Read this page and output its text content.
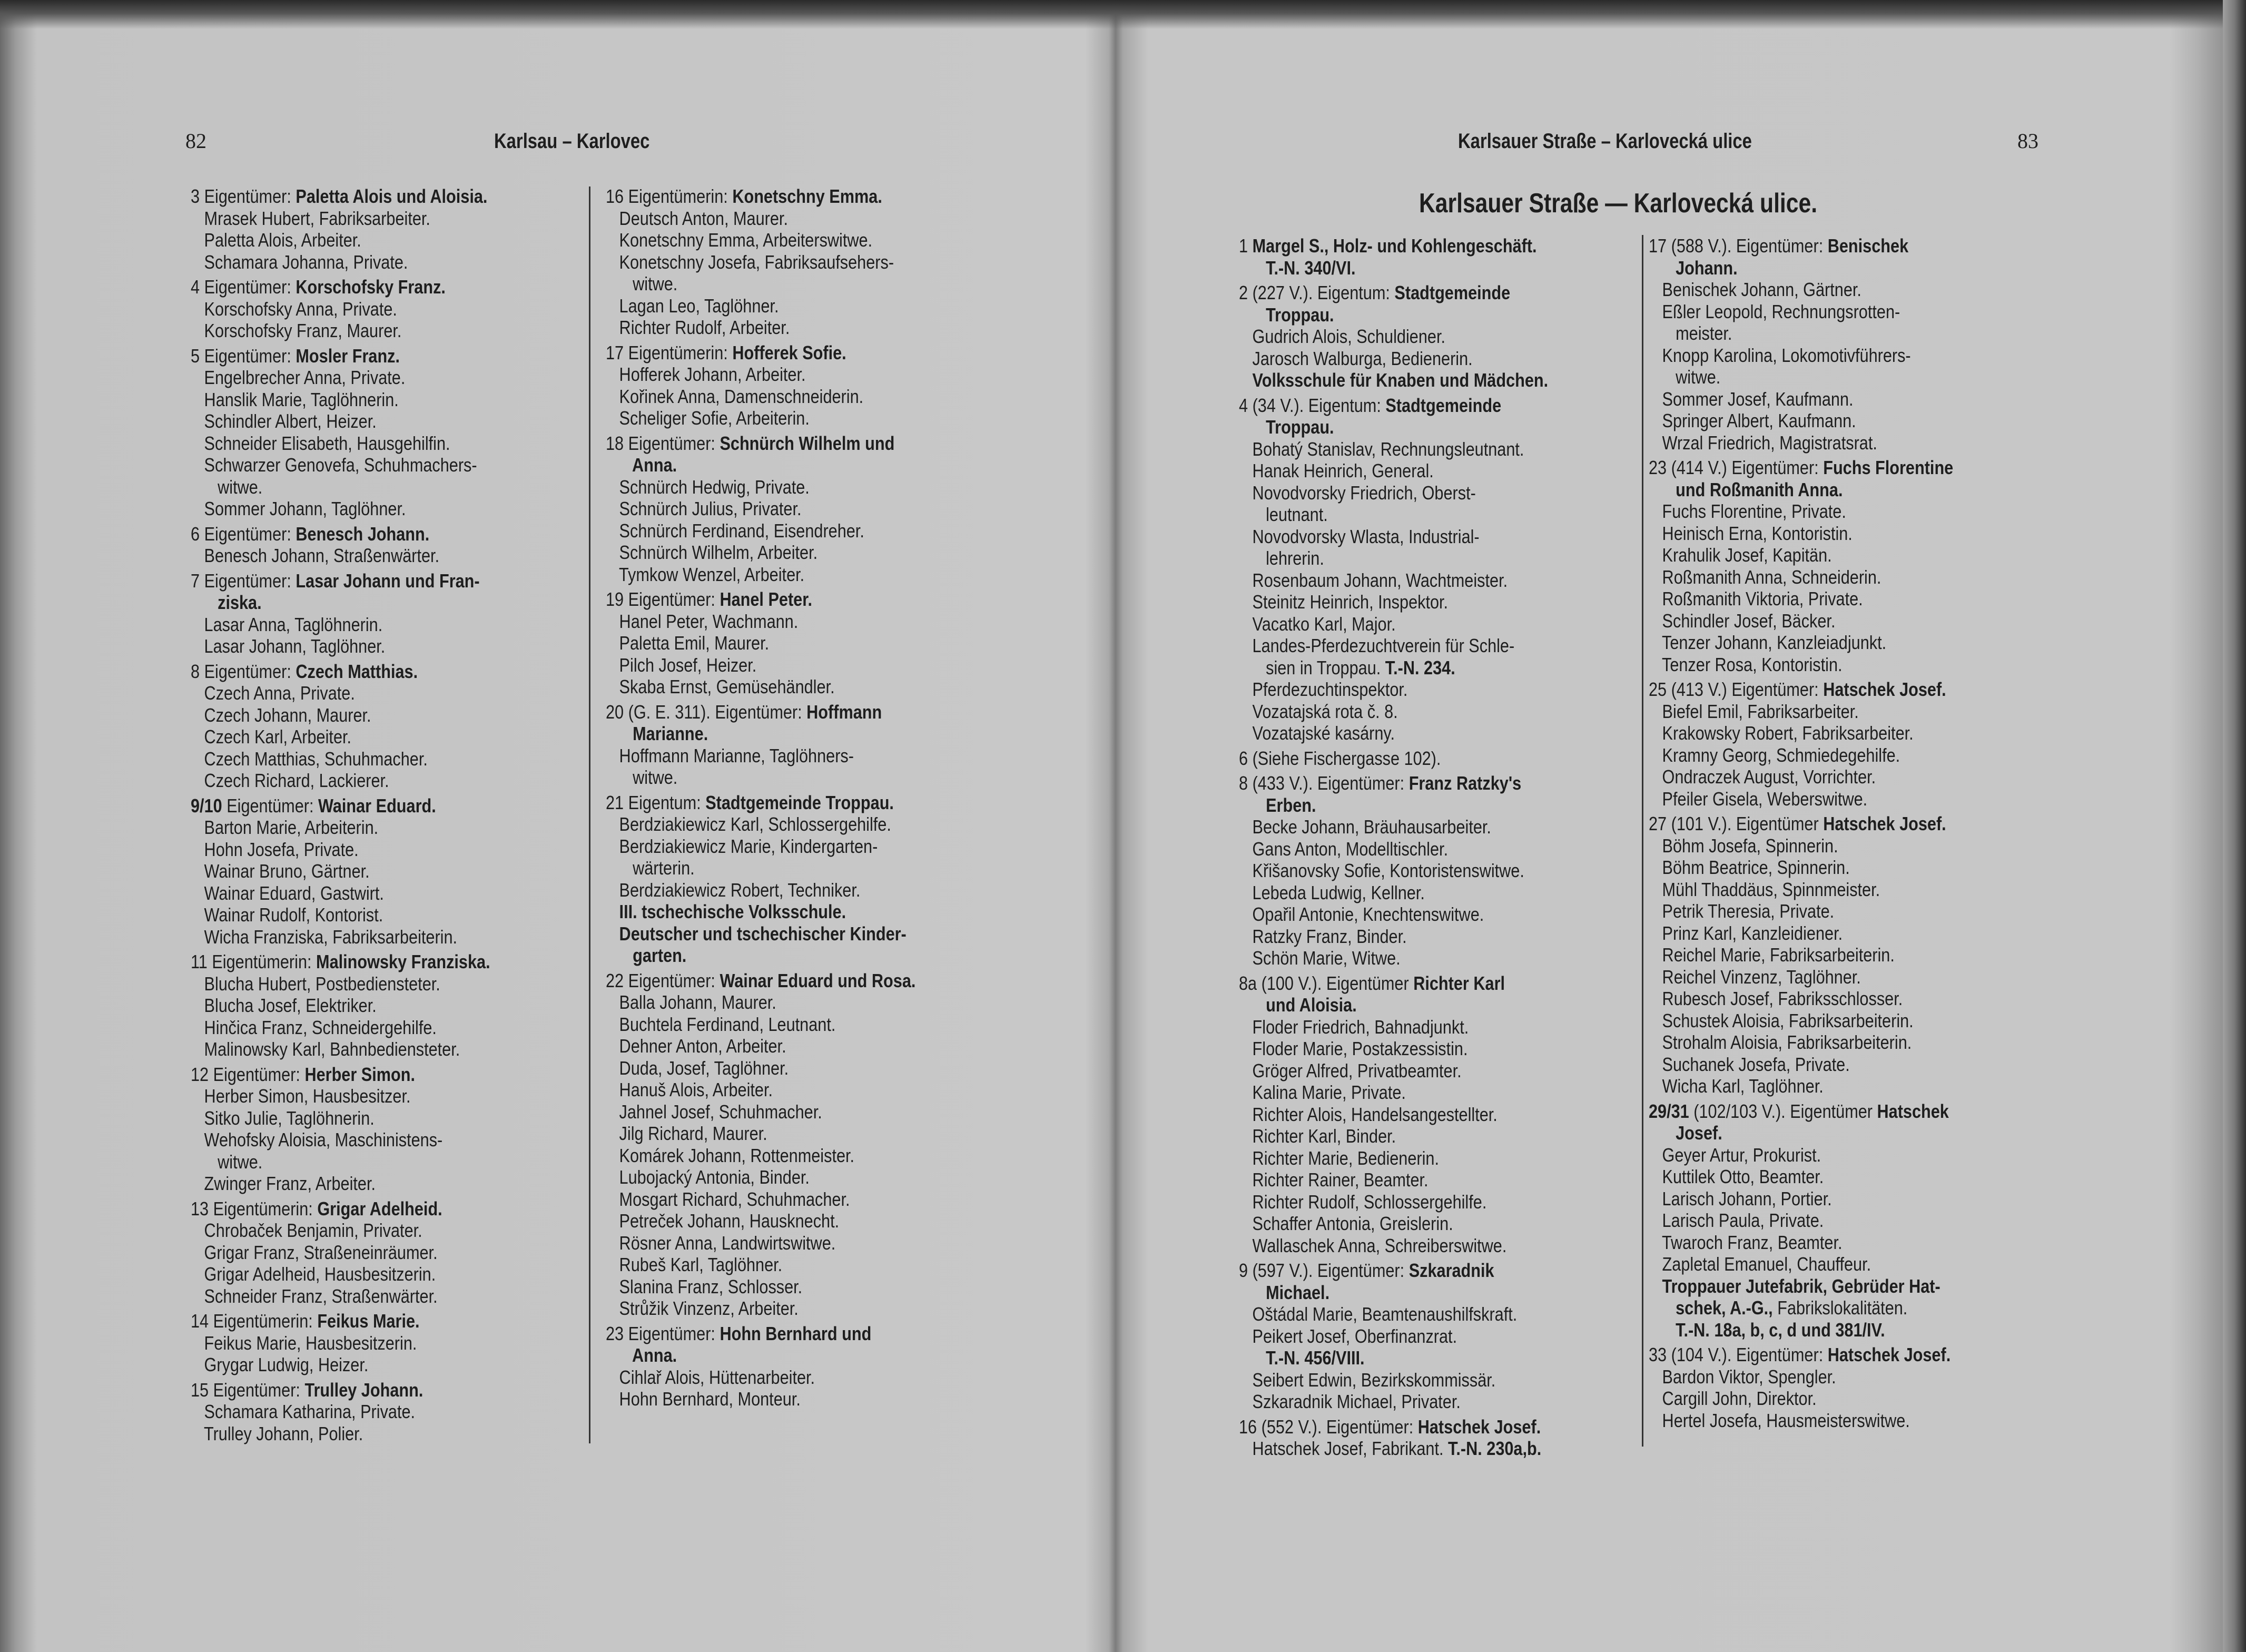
82	Karlsau – Karlovec
3 Eigentümer: Paletta Alois und Aloisia.
Mrasek Hubert, Fabriksarbeiter.
Paletta Alois, Arbeiter.
Schamara Johanna, Private.
4 Eigentümer: Korschofsky Franz.
Korschofsky Anna, Private.
Korschofsky Franz, Maurer.
5 Eigentümer: Mosler Franz.
Engelbrecher Anna, Private.
Hanslik Marie, Taglöhnerin.
Schindler Albert, Heizer.
Schneider Elisabeth, Hausgehilfin.
Schwarzer Genovefa, Schuhmachers-
witwe.
Sommer Johann, Taglöhner.
6 Eigentümer: Benesch Johann.
Benesch Johann, Straßenwärter.
7 Eigentümer: Lasar Johann und Fran-
ziska.
Lasar Anna, Taglöhnerin.
Lasar Johann, Taglöhner.
8 Eigentümer: Czech Matthias.
Czech Anna, Private.
Czech Johann, Maurer.
Czech Karl, Arbeiter.
Czech Matthias, Schuhmacher.
Czech Richard, Lackierer.
9/10 Eigentümer: Wainar Eduard.
Barton Marie, Arbeiterin.
Hohn Josefa, Private.
Wainar Bruno, Gärtner.
Wainar Eduard, Gastwirt.
Wainar Rudolf, Kontorist.
Wicha Franziska, Fabriksarbeiterin.
11 Eigentümerin: Malinowsky Franziska.
Blucha Hubert, Postbediensteter.
Blucha Josef, Elektriker.
Hinčica Franz, Schneidergehilfe.
Malinowsky Karl, Bahnbediensteter.
12 Eigentümer: Herber Simon.
Herber Simon, Hausbesitzer.
Sitko Julie, Taglöhnerin.
Wehofsky Aloisia, Maschinistens-
witwe.
Zwinger Franz, Arbeiter.
13 Eigentümerin: Grigar Adelheid.
Chrobaček Benjamin, Privater.
Grigar Franz, Straßeneinräumer.
Grigar Adelheid, Hausbesitzerin.
Schneider Franz, Straßenwärter.
14 Eigentümerin: Feikus Marie.
Feikus Marie, Hausbesitzerin.
Grygar Ludwig, Heizer.
15 Eigentümer: Trulley Johann.
Schamara Katharina, Private.
Trulley Johann, Polier.
16 Eigentümerin: Konetschny Emma.
Deutsch Anton, Maurer.
Konetschny Emma, Arbeiterswitwe.
Konetschny Josefa, Fabriksaufsehers-
witwe.
Lagan Leo, Taglöhner.
Richter Rudolf, Arbeiter.
17 Eigentümerin: Hofferek Sofie.
Hofferek Johann, Arbeiter.
Kořinek Anna, Damenschneiderin.
Scheliger Sofie, Arbeiterin.
18 Eigentümer: Schnürch Wilhelm und
Anna.
Schnürch Hedwig, Private.
Schnürch Julius, Privater.
Schnürch Ferdinand, Eisendreher.
Schnürch Wilhelm, Arbeiter.
Tymkow Wenzel, Arbeiter.
19 Eigentümer: Hanel Peter.
Hanel Peter, Wachmann.
Paletta Emil, Maurer.
Pilch Josef, Heizer.
Skaba Ernst, Gemüsehändler.
20 (G. E. 311). Eigentümer: Hoffmann
Marianne.
Hoffmann Marianne, Taglöhners-
witwe.
21 Eigentum: Stadtgemeinde Troppau.
Berdziakiewicz Karl, Schlossergehilfe.
Berdziakiewicz Marie, Kindergarten-
wärterin.
Berdziakiewicz Robert, Techniker.
III. tschechische Volksschule.
Deutscher und tschechischer Kinder-
garten.
22 Eigentümer: Wainar Eduard und Rosa.
Balla Johann, Maurer.
Buchtela Ferdinand, Leutnant.
Dehner Anton, Arbeiter.
Duda, Josef, Taglöhner.
Hanuš Alois, Arbeiter.
Jahnel Josef, Schuhmacher.
Jilg Richard, Maurer.
Komárek Johann, Rottenmeister.
Lubojacký Antonia, Binder.
Mosgart Richard, Schuhmacher.
Petreček Johann, Hausknecht.
Rösner Anna, Landwirtswitwe.
Rubeš Karl, Taglöhner.
Slanina Franz, Schlosser.
Strůžik Vinzenz, Arbeiter.
23 Eigentümer: Hohn Bernhard und
Anna.
Cihlař Alois, Hüttenarbeiter.
Hohn Bernhard, Monteur.
Karlsauer Straße – Karlovecká ulice	83
Karlsauer Straße — Karlovecká ulice.
1 Margel S., Holz- und Kohlengeschäft.
T.-N. 340/VI.
2 (227 V.). Eigentum: Stadtgemeinde
Troppau.
Gudrich Alois, Schuldiener.
Jarosch Walburga, Bedienerin.
Volksschule für Knaben und Mädchen.
4 (34 V.). Eigentum: Stadtgemeinde
Troppau.
Bohatý Stanislav, Rechnungsleutnant.
Hanak Heinrich, General.
Novodvorsky Friedrich, Oberst-
leutnant.
Novodvorsky Wlasta, Industrial-
lehrerin.
Rosenbaum Johann, Wachtmeister.
Steinitz Heinrich, Inspektor.
Vacatko Karl, Major.
Landes-Pferdezuchtverein für Schle-
sien in Troppau. T.-N. 234.
Pferdezuchtinspektor.
Vozatajská rota č. 8.
Vozatajské kasárny.
6 (Siehe Fischergasse 102).
8 (433 V.). Eigentümer: Franz Ratzky's
Erben.
Becke Johann, Bräuhausarbeiter.
Gans Anton, Modelltischler.
Křišanovsky Sofie, Kontoristenswitwe.
Lebeda Ludwig, Kellner.
Opařil Antonie, Knechtenswitwe.
Ratzky Franz, Binder.
Schön Marie, Witwe.
8a (100 V.). Eigentümer Richter Karl
und Aloisia.
Floder Friedrich, Bahnadjunkt.
Floder Marie, Postakzessistin.
Gröger Alfred, Privatbeamter.
Kalina Marie, Private.
Richter Alois, Handelsangestellter.
Richter Karl, Binder.
Richter Marie, Bedienerin.
Richter Rainer, Beamter.
Richter Rudolf, Schlossergehilfe.
Schaffer Antonia, Greislerin.
Wallaschek Anna, Schreiberswitwe.
9 (597 V.). Eigentümer: Szkaradnik
Michael.
Oštádal Marie, Beamtenaushilfskraft.
Peikert Josef, Oberfinanzrat.
T.-N. 456/VIII.
Seibert Edwin, Bezirkskommissär.
Szkaradnik Michael, Privater.
16 (552 V.). Eigentümer: Hatschek Josef.
Hatschek Josef, Fabrikant. T.-N. 230a,b.
17 (588 V.). Eigentümer: Benischek
Johann.
Benischek Johann, Gärtner.
Eßler Leopold, Rechnungsrotten-
meister.
Knopp Karolina, Lokomotivführers-
witwe.
Sommer Josef, Kaufmann.
Springer Albert, Kaufmann.
Wrzal Friedrich, Magistratsrat.
23 (414 V.) Eigentümer: Fuchs Florentine
und Roßmanith Anna.
Fuchs Florentine, Private.
Heinisch Erna, Kontoristin.
Krahulik Josef, Kapitän.
Roßmanith Anna, Schneiderin.
Roßmanith Viktoria, Private.
Schindler Josef, Bäcker.
Tenzer Johann, Kanzleiadjunkt.
Tenzer Rosa, Kontoristin.
25 (413 V.) Eigentümer: Hatschek Josef.
Biefel Emil, Fabriksarbeiter.
Krakowsky Robert, Fabriksarbeiter.
Kramny Georg, Schmiedegehilfe.
Ondraczek August, Vorrichter.
Pfeiler Gisela, Weberswitwe.
27 (101 V.). Eigentümer Hatschek Josef.
Böhm Josefa, Spinnerin.
Böhm Beatrice, Spinnerin.
Mühl Thaddäus, Spinnmeister.
Petrik Theresia, Private.
Prinz Karl, Kanzleidiener.
Reichel Marie, Fabriksarbeiterin.
Reichel Vinzenz, Taglöhner.
Rubesch Josef, Fabriksschlosser.
Schustek Aloisia, Fabriksarbeiterin.
Strohalm Aloisia, Fabriksarbeiterin.
Suchanek Josefa, Private.
Wicha Karl, Taglöhner.
29/31 (102/103 V.). Eigentümer Hatschek
Josef.
Geyer Artur, Prokurist.
Kuttilek Otto, Beamter.
Larisch Johann, Portier.
Larisch Paula, Private.
Twaroch Franz, Beamter.
Zapletal Emanuel, Chauffeur.
Troppauer Jutefabrik, Gebrüder Hat-
schek, A.-G., Fabrikslokalitäten.
T.-N. 18a, b, c, d und 381/IV.
33 (104 V.). Eigentümer: Hatschek Josef.
Bardon Viktor, Spengler.
Cargill John, Direktor.
Hertel Josefa, Hausmeisterswitwe.
